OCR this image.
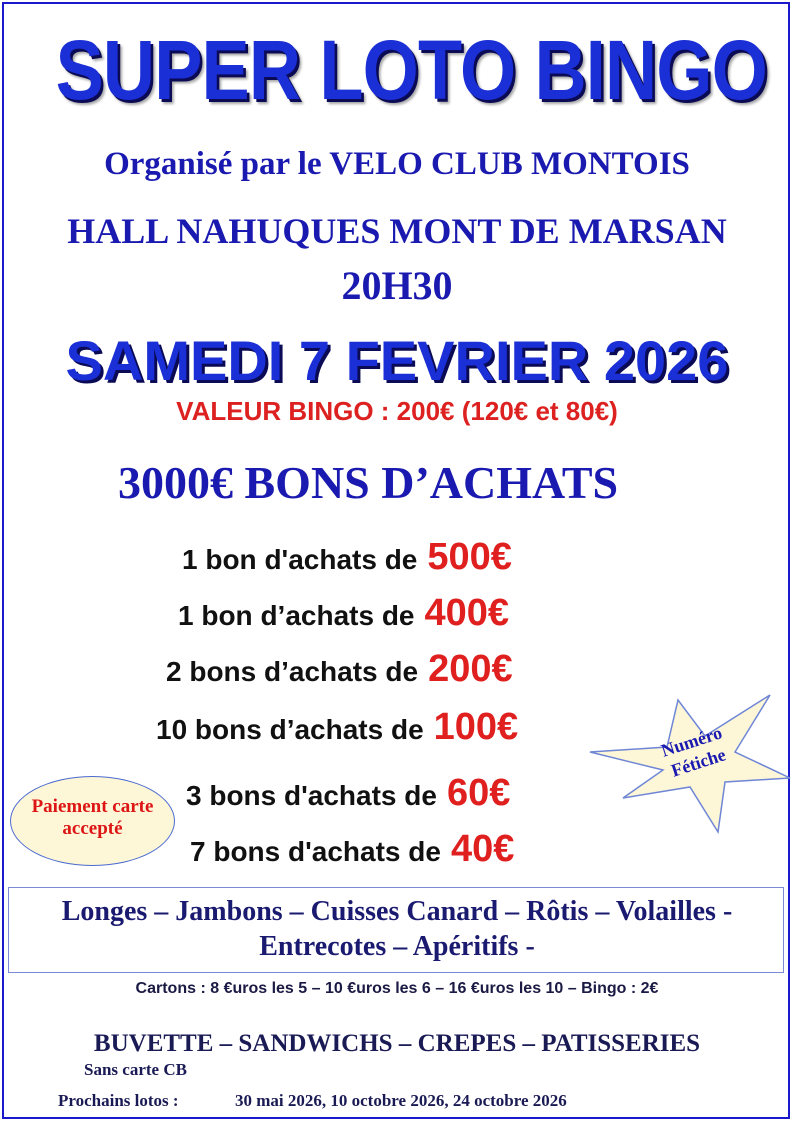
SUPER LOTO BINGO
Organisé par le VELO CLUB MONTOIS
HALL NAHUQUES MONT DE MARSAN
20H30
SAMEDI 7 FEVRIER 2026
VALEUR BINGO : 200€ (120€ et 80€)
3000€ BONS D’ACHATS
1 bon d'achats de 500€
1 bon d’achats de 400€
2 bons d’achats de 200€
10 bons d’achats de 100€
3 bons d'achats de 60€
7 bons d'achats de 40€
Paiement carte accepté
Numéro Fétiche
Longes – Jambons – Cuisses Canard – Rôtis – Volailles -
Entrecotes – Apéritifs -
Cartons : 8 €uros les 5 – 10 €uros les 6 – 16 €uros les 10 – Bingo : 2€
BUVETTE – SANDWICHS – CREPES – PATISSERIES
Sans carte CB
Prochains lotos :	30 mai 2026, 10 octobre 2026, 24 octobre 2026
